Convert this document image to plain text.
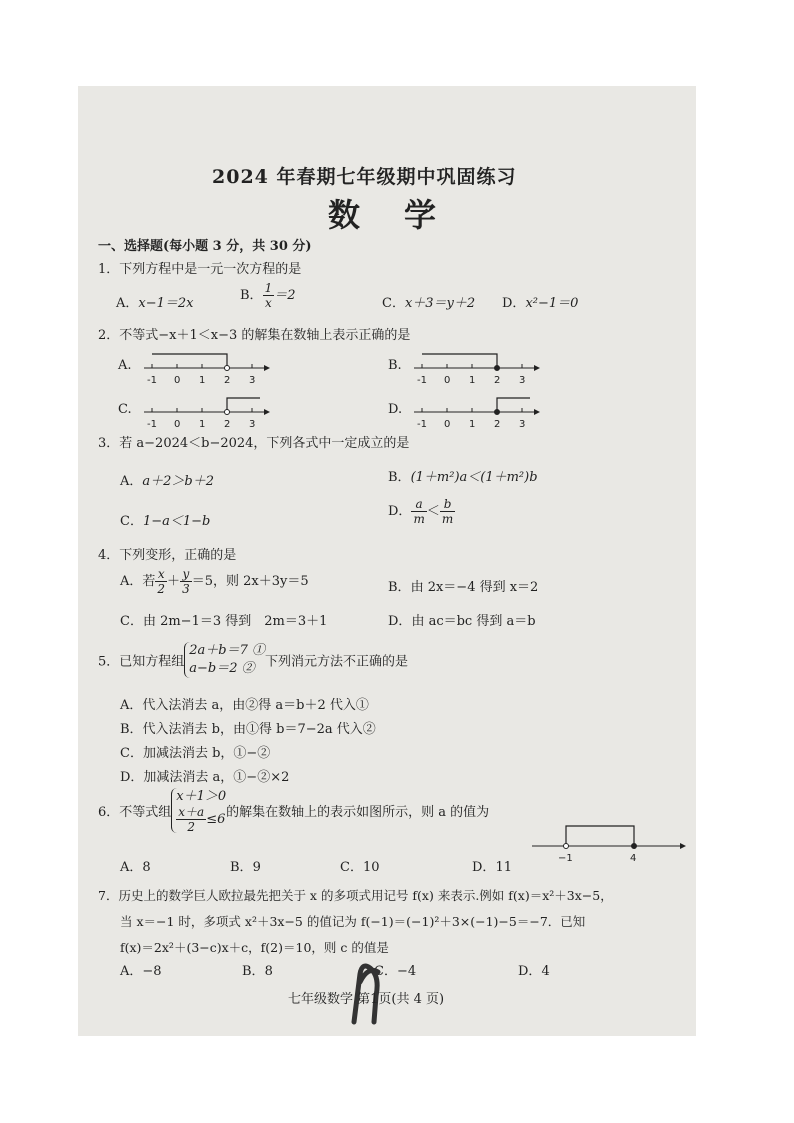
2024 年春期七年级期中巩固练习
数　学
一、选择题(每小题 3 分，共 30 分)
1．下列方程中是一元一次方程的是
A．x−1＝2x
B． $\frac{1}{x} =2$
C．x＋3＝y＋2 D．x²−1＝0
2．不等式−x＋1＜x−3 的解集在数轴上表示正确的是
A.	B.
C.	D.
-1 0 1 2 3	-1 0 1 2 3
-1 0 1 2 3	-1 0 1 2 3
3．若 a−2024＜b−2024，下列各式中一定成立的是
A．a＋2＞b＋2	B．(1＋m²)a＜(1＋m²)b
C．1−a＜1−b
D． $\frac{a}{m} < \frac{b}{m}$
4．下列变形，正确的是
A．若 $\frac{x}{2} + \frac{y}{3} =5$，则 2x＋3y＝5	B．由 2x＝−4 得到 x＝2
C．由 2m−1＝3 得到　2m＝3＋1	D．由 ac＝bc 得到 a＝b
5．已知方程组
2a＋b＝7 ①
a−b＝2 ② 下列消元方法不正确的是
A．代入法消去 a，由②得 a＝b＋2 代入①
B．代入法消去 b，由①得 b＝7−2a 代入②
C．加减法消去 b，①−②
D．加减法消去 a，①−②×2
6．不等式组
x＋1＞0
$\frac{x+a}{2} \le 6$ 的解集在数轴上的表示如图所示，则 a 的值为
−1	4
A．8	B．9	C．10	D．11
7．历史上的数学巨人欧拉最先把关于 x 的多项式用记号 f(x) 来表示.例如 f(x)＝x²＋3x−5，
当 x＝−1 时，多项式 x²＋3x−5 的值记为 f(−1)＝(−1)²＋3×(−1)−5＝−7．已知
f(x)＝2x²＋(3−c)x＋c，f(2)＝10，则 c 的值是
A．−8	B．8	C．−4	D．4
七年级数学 第1页(共 4 页)
